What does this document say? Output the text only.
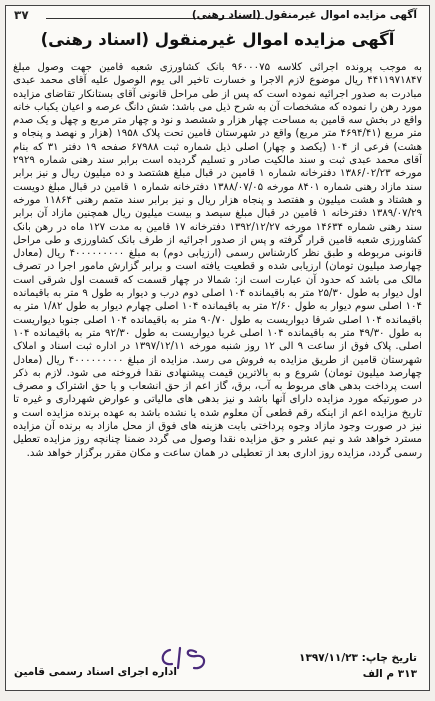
۳۷	آگهی مزایده اموال غیرمنقول (اسناد رهنی)
آگهی مزایده اموال غیرمنقول (اسناد رهنی)
به موجب پرونده اجرائی کلاسه ۹۶۰۰۰۷۵ بانک کشاورزی شعبه قامین جهت وصول مبلغ ۴۴۱۱۹۷۱۸۴۷ ریال موضوع لازم الاجرا و خسارت تاخیر الی یوم الوصول علیه آقای محمد عبدی مبادرت به صدور اجرائیه نموده است که پس از طی مراحل قانونی آقای بستانکار تقاضای مزایده مورد رهن را نموده که مشخصات آن به شرح ذیل می باشد: شش دانگ عرصه و اعیان یکباب خانه واقع در بخش سه قامین به مساحت چهار هزار و ششصد و نود و چهار متر مربع و چهل و یک صدم متر مربع (۴۶۹۴/۴۱ متر مربع) واقع در شهرستان قامین تحت پلاک ۱۹۵۸ (هزار و نهصد و پنجاه و هشت) فرعی از ۱۰۴ (یکصد و چهار) اصلی ذیل شماره ثبت ۶۷۹۸۸ صفحه ۱۹ دفتر ۳۱ که بنام آقای محمد عبدی ثبت و سند مالکیت صادر و تسلیم گردیده است برابر سند رهنی شماره ۲۹۲۹ مورخه ۱۳۸۶/۰۲/۲۳ دفترخانه شماره ۱ قامین در قبال مبلغ هشتصد و ده میلیون ریال و نیز برابر سند مازاد رهنی شماره ۸۴۰۱ مورخه ۱۳۸۸/۰۷/۰۵ دفترخانه شماره ۱ قامین در قبال مبلغ دویست و هشتاد و هشت میلیون و هفتصد و پنجاه هزار ریال و نیز برابر سند متمم رهنی ۱۱۸۶۴ مورخه ۱۳۸۹/۰۷/۲۹ دفترخانه ۱ قامین در قبال مبلغ سیصد و بیست میلیون ریال همچنین مازاد آن برابر سند رهنی شماره ۱۴۶۳۴ مورخه ۱۳۹۲/۱۲/۲۷ دفترخانه ۱۷ قامین به مدت ۱۲۷ ماه در رهن بانک کشاورزی شعبه قامین قرار گرفته و پس از صدور اجرائیه از طرف بانک کشاورزی و طی مراحل قانونی مربوطه و طبق نظر کارشناس رسمی (ارزیابی دوم) به مبلغ ۴۰۰۰۰۰۰۰۰۰ ریال (معادل چهارصد میلیون تومان) ارزیابی شده و قطعیت یافته است و برابر گزارش مامور اجرا در تصرف مالک می باشد که حدود آن عبارت است از: شمالا در چهار قسمت که قسمت اول شرقی است اول دیوار به طول ۲۵/۳۰ متر به باقیمانده ۱۰۴ اصلی دوم درب و دیوار به طول ۹ متر به باقیمانده ۱۰۴ اصلی سوم دیوار به طول ۲/۶۰ متر به باقیمانده ۱۰۴ اصلی چهارم دیوار به طول ۱/۸۲ متر به باقیمانده ۱۰۴ اصلی شرقا دیواریست به طول ۹۰/۷۰ متر به باقیمانده ۱۰۴ اصلی جنوبا دیواریست به طول ۴۹/۳۰ متر به باقیمانده ۱۰۴ اصلی غربا دیواریست به طول ۹۲/۳۰ متر به باقیمانده ۱۰۴ اصلی. پلاک فوق از ساعت ۹ الی ۱۲ روز شنبه مورخه ۱۳۹۷/۱۲/۱۱ در اداره ثبت اسناد و املاک شهرستان قامین از طریق مزایده به فروش می رسد. مزایده از مبلغ ۴۰۰۰۰۰۰۰۰۰ ریال (معادل چهارصد میلیون تومان) شروع و به بالاترین قیمت پیشنهادی نقدا فروخته می شود. لازم به ذکر است پرداخت بدهی های مربوط به آب، برق، گاز اعم از حق انشعاب و یا حق اشتراک و مصرف در صورتیکه مورد مزایده دارای آنها باشد و نیز بدهی های مالیاتی و عوارض شهرداری و غیره تا تاریخ مزایده اعم از اینکه رقم قطعی آن معلوم شده یا نشده باشد به عهده برنده مزایده است و نیز در صورت وجود مازاد وجوه پرداختی بابت هزینه های فوق از محل مازاد به برنده آن مزایده مسترد خواهد شد و نیم عشر و حق مزایده نقدا وصول می گردد ضمنا چنانچه روز مزایده تعطیل رسمی گردد، مزایده روز اداری بعد از تعطیلی در همان ساعت و مکان مقرر برگزار خواهد شد.
تاریخ چاپ: ۱۳۹۷/۱۱/۲۳
۳۱۳ م الف
اداره اجرای اسناد رسمی قامین
